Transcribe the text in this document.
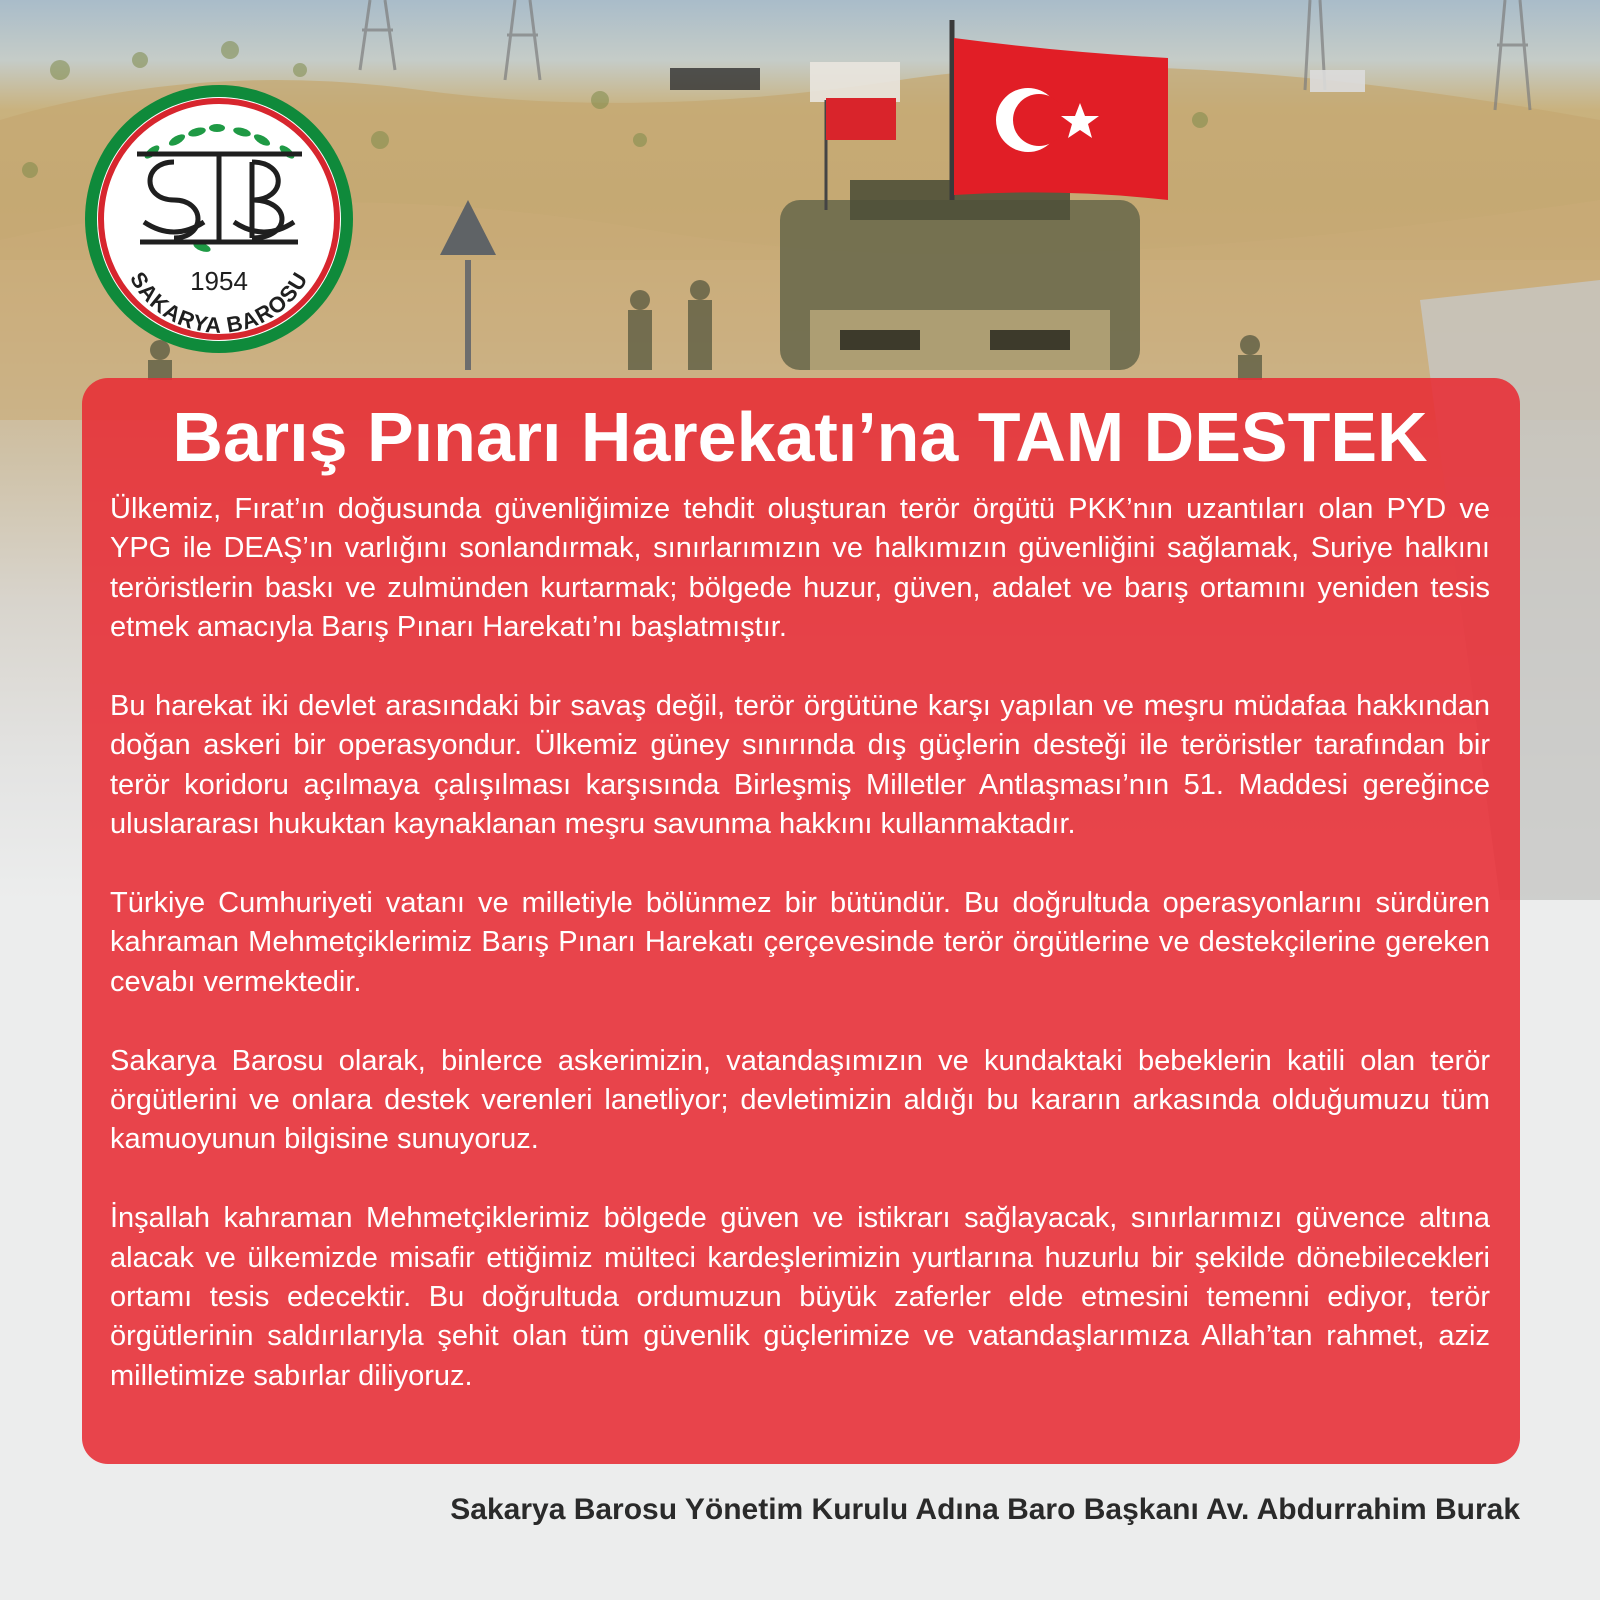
1954
SAKARYA BAROSU
Barış Pınarı Harekatı’na TAM DESTEK

Ülkemiz, Fırat’ın doğusunda güvenliğimize tehdit oluşturan terör örgütü PKK’nın uzantıları olan PYD ve YPG ile DEAŞ’ın varlığını sonlandırmak, sınırlarımızın ve halkımızın güvenliğini sağlamak, Suriye halkını teröristlerin baskı ve zulmünden kurtarmak; bölgede huzur, güven, adalet ve barış ortamını yeniden tesis etmek amacıyla Barış Pınarı Harekatı’nı başlatmıştır.

Bu harekat iki devlet arasındaki bir savaş değil, terör örgütüne karşı yapılan ve meşru müdafaa hakkından doğan askeri bir operasyondur. Ülkemiz güney sınırında dış güçlerin desteği ile teröristler tarafından bir terör koridoru açılmaya çalışılması karşısında Birleşmiş Milletler Antlaşması’nın 51. Maddesi gereğince uluslararası hukuktan kaynaklanan meşru savunma hakkını kullanmaktadır.

Türkiye Cumhuriyeti vatanı ve milletiyle bölünmez bir bütündür. Bu doğrultuda operasyonlarını sürdüren kahraman Mehmetçiklerimiz Barış Pınarı Harekatı çerçevesinde terör örgütlerine ve destekçilerine gereken cevabı vermektedir.

Sakarya Barosu olarak, binlerce askerimizin, vatandaşımızın ve kundaktaki bebeklerin katili olan terör örgütlerini ve onlara destek verenleri lanetliyor; devletimizin aldığı bu kararın arkasında olduğumuzu tüm kamuoyunun bilgisine sunuyoruz.

İnşallah kahraman Mehmetçiklerimiz bölgede güven ve istikrarı sağlayacak, sınırlarımızı güvence altına alacak ve ülkemizde misafir ettiğimiz mülteci kardeşlerimizin yurtlarına huzurlu bir şekilde dönebilecekleri ortamı tesis edecektir. Bu doğrultuda ordumuzun büyük zaferler elde etmesini temenni ediyor, terör örgütlerinin saldırılarıyla şehit olan tüm güvenlik güçlerimize ve vatandaşlarımıza Allah’tan rahmet, aziz milletimize sabırlar diliyoruz.

Sakarya Barosu Yönetim Kurulu Adına Baro Başkanı Av. Abdurrahim Burak
